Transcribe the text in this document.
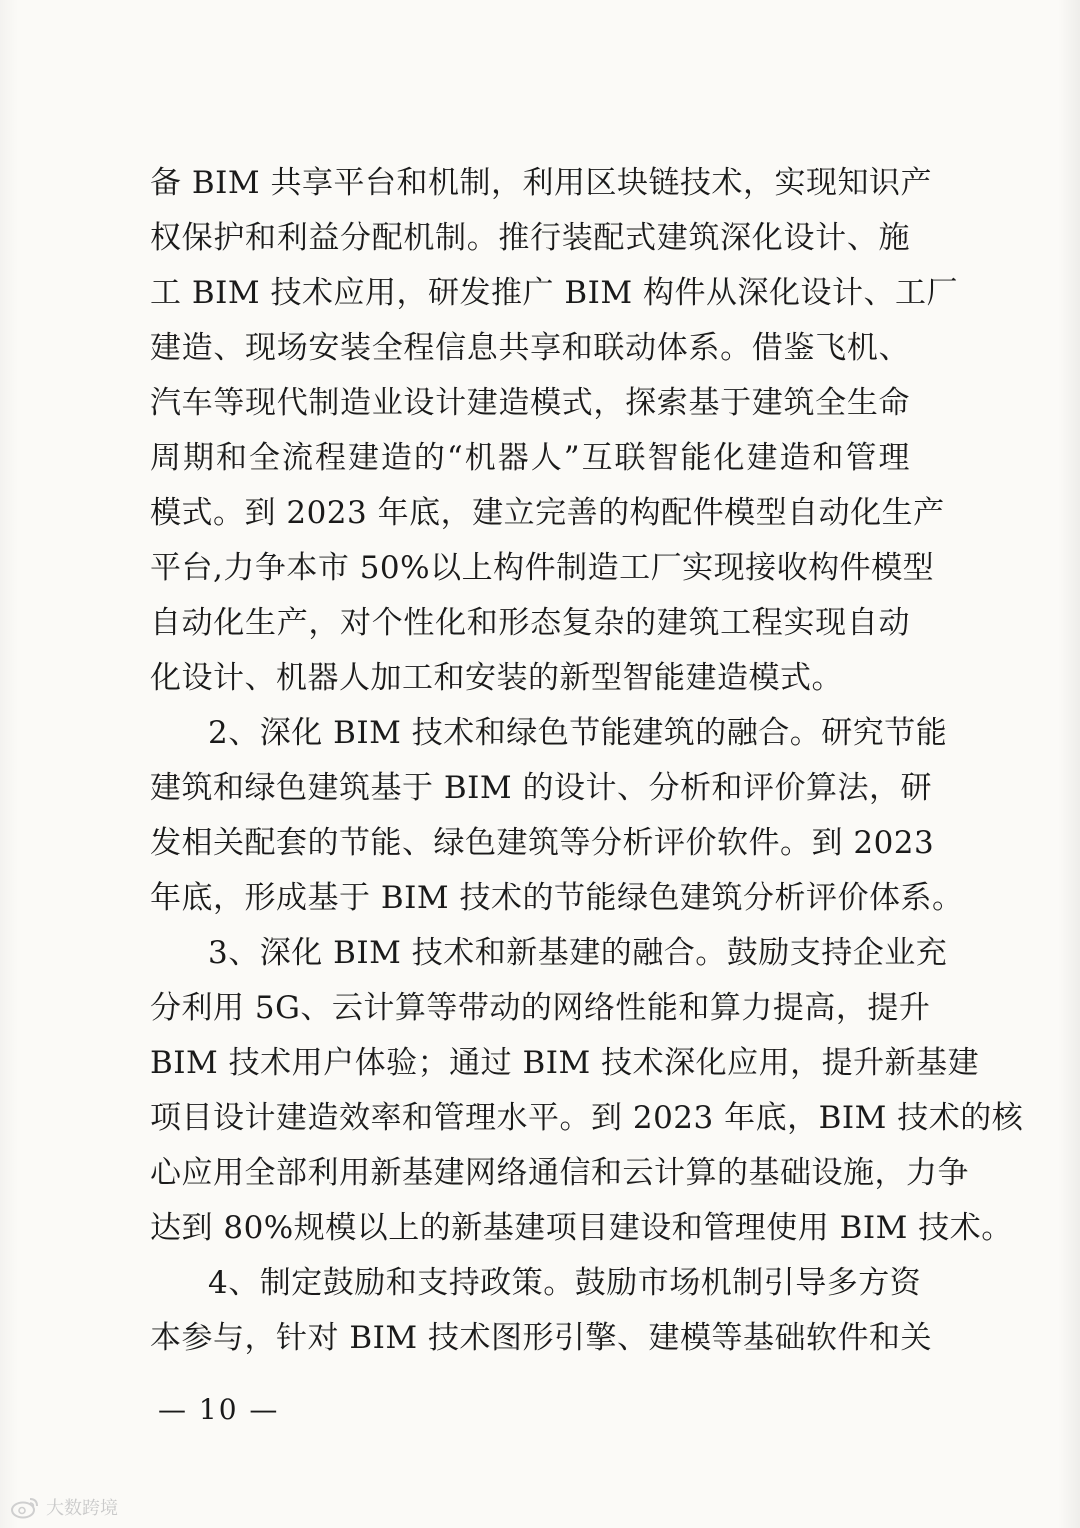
备 BIM 共享平台和机制，利用区块链技术，实现知识产
权保护和利益分配机制。推行装配式建筑深化设计、施
工 BIM 技术应用，研发推广 BIM 构件从深化设计、工厂
建造、现场安装全程信息共享和联动体系。借鉴飞机、
汽车等现代制造业设计建造模式，探索基于建筑全生命
周期和全流程建造的“机器人”互联智能化建造和管理
模式。到 2023 年底，建立完善的构配件模型自动化生产
平台,力争本市 50%以上构件制造工厂实现接收构件模型
自动化生产，对个性化和形态复杂的建筑工程实现自动
化设计、机器人加工和安装的新型智能建造模式。
2、深化 BIM 技术和绿色节能建筑的融合。研究节能
建筑和绿色建筑基于 BIM 的设计、分析和评价算法，研
发相关配套的节能、绿色建筑等分析评价软件。到 2023
年底，形成基于 BIM 技术的节能绿色建筑分析评价体系。
3、深化 BIM 技术和新基建的融合。鼓励支持企业充
分利用 5G、云计算等带动的网络性能和算力提高，提升
BIM 技术用户体验；通过 BIM 技术深化应用，提升新基建
项目设计建造效率和管理水平。到 2023 年底，BIM 技术的核
心应用全部利用新基建网络通信和云计算的基础设施，力争
达到 80%规模以上的新基建项目建设和管理使用 BIM 技术。
4、制定鼓励和支持政策。鼓励市场机制引导多方资
本参与，针对 BIM 技术图形引擎、建模等基础软件和关
— 10 —
大数跨境
